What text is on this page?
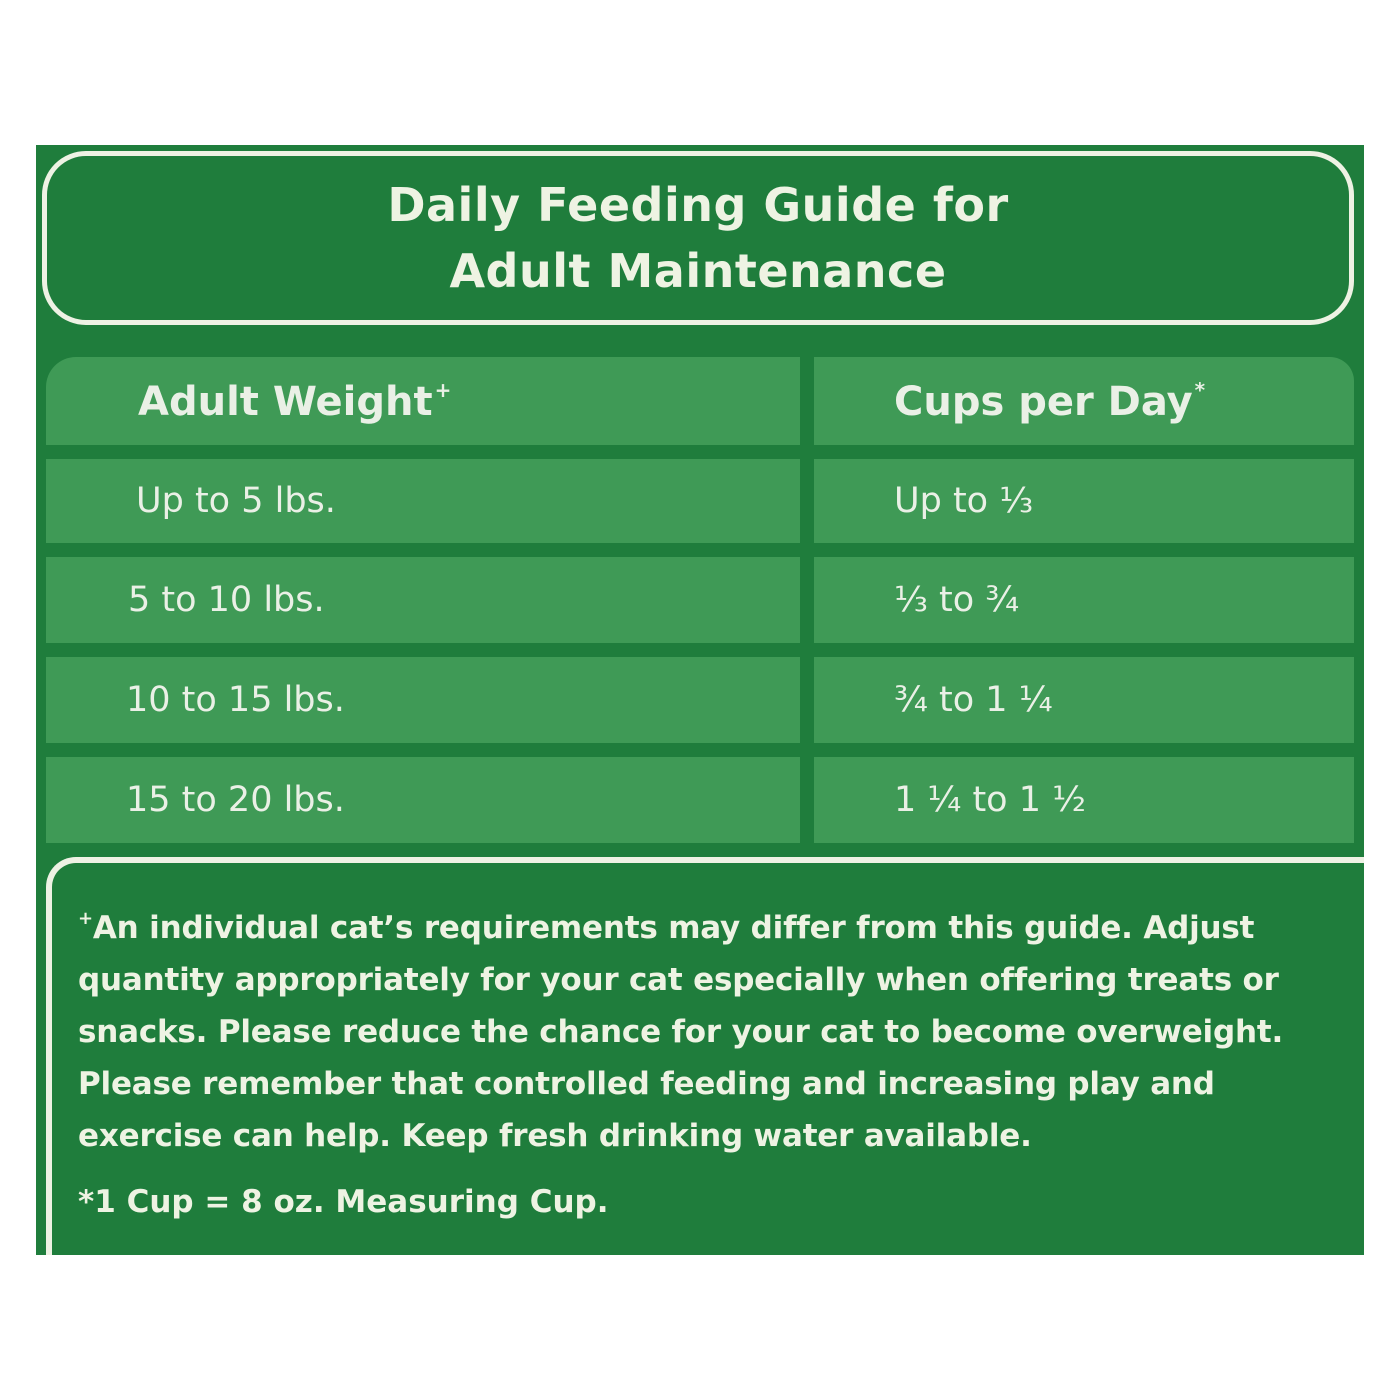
Daily Feeding Guide for
Adult Maintenance
Adult Weight +	Cups per Day *
Up to 5 lbs.	Up to ⅓
5 to 10 lbs.	⅓ to ¾
10 to 15 lbs.	¾ to 1 ¼
15 to 20 lbs.	1 ¼ to 1 ½
+An individual cat’s requirements may differ from this guide. Adjust quantity appropriately for your cat especially when offering treats or snacks. Please reduce the chance for your cat to become overweight. Please remember that controlled feeding and increasing play and exercise can help. Keep fresh drinking water available.
*1 Cup = 8 oz. Measuring Cup.
